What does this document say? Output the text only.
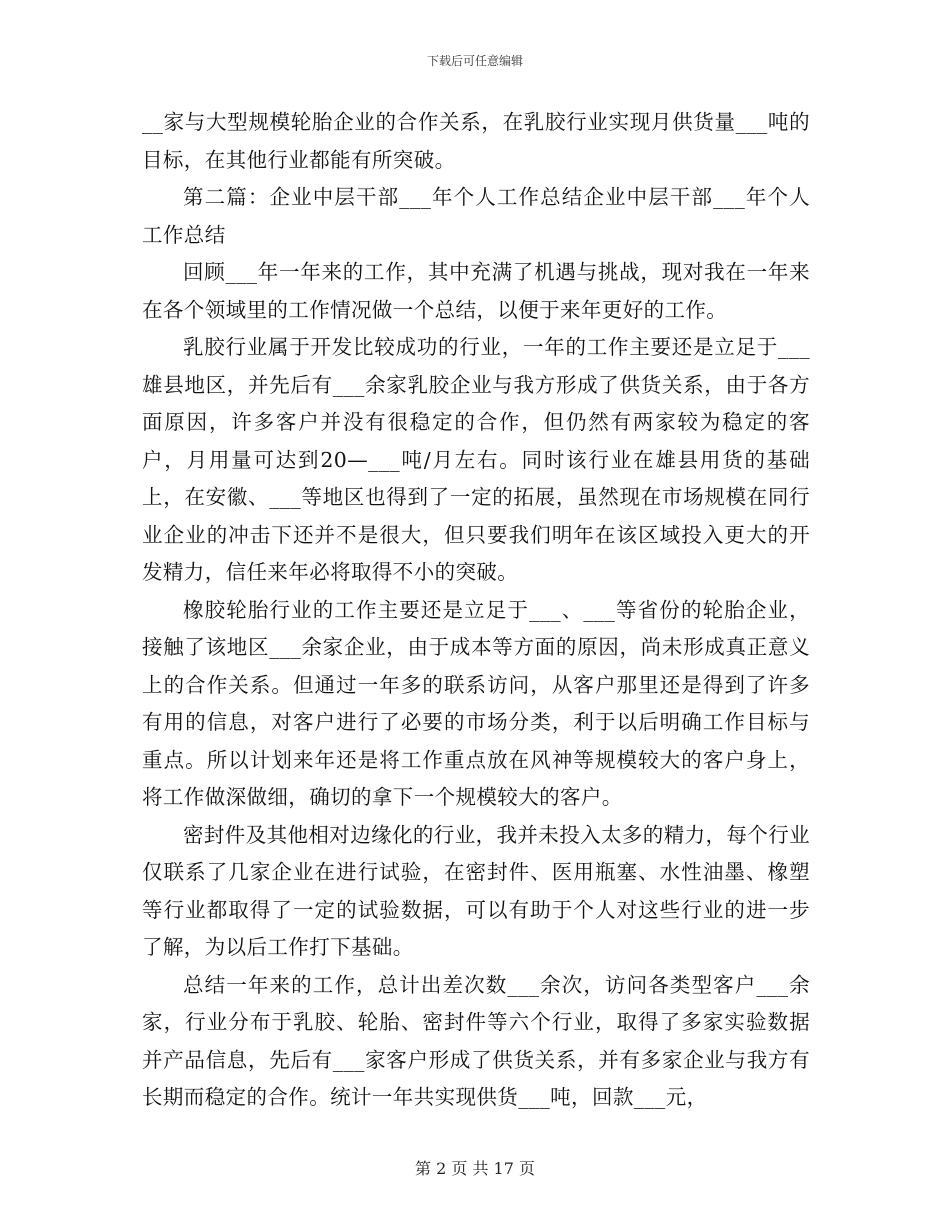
下载后可任意编辑

__家与大型规模轮胎企业的合作关系，在乳胶行业实现月供货量___吨的目标，在其他行业都能有所突破。

第二篇：企业中层干部___年个人工作总结企业中层干部___年个人工作总结

回顾___年一年来的工作，其中充满了机遇与挑战，现对我在一年来在各个领域里的工作情况做一个总结，以便于来年更好的工作。

乳胶行业属于开发比较成功的行业，一年的工作主要还是立足于___雄县地区，并先后有___余家乳胶企业与我方形成了供货关系，由于各方面原因，许多客户并没有很稳定的合作，但仍然有两家较为稳定的客户，月用量可达到20—___吨/月左右。同时该行业在雄县用货的基础上，在安徽、___等地区也得到了一定的拓展，虽然现在市场规模在同行业企业的冲击下还并不是很大，但只要我们明年在该区域投入更大的开发精力，信任来年必将取得不小的突破。

橡胶轮胎行业的工作主要还是立足于___、___等省份的轮胎企业，接触了该地区___余家企业，由于成本等方面的原因，尚未形成真正意义上的合作关系。但通过一年多的联系访问，从客户那里还是得到了许多有用的信息，对客户进行了必要的市场分类，利于以后明确工作目标与重点。所以计划来年还是将工作重点放在风神等规模较大的客户身上，将工作做深做细，确切的拿下一个规模较大的客户。

密封件及其他相对边缘化的行业，我并未投入太多的精力，每个行业仅联系了几家企业在进行试验，在密封件、医用瓶塞、水性油墨、橡塑等行业都取得了一定的试验数据，可以有助于个人对这些行业的进一步了解，为以后工作打下基础。

总结一年来的工作，总计出差次数___余次，访问各类型客户___余家，行业分布于乳胶、轮胎、密封件等六个行业，取得了多家实验数据并产品信息，先后有___家客户形成了供货关系，并有多家企业与我方有长期而稳定的合作。统计一年共实现供货___吨，回款___元，

第 2 页 共 17 页
